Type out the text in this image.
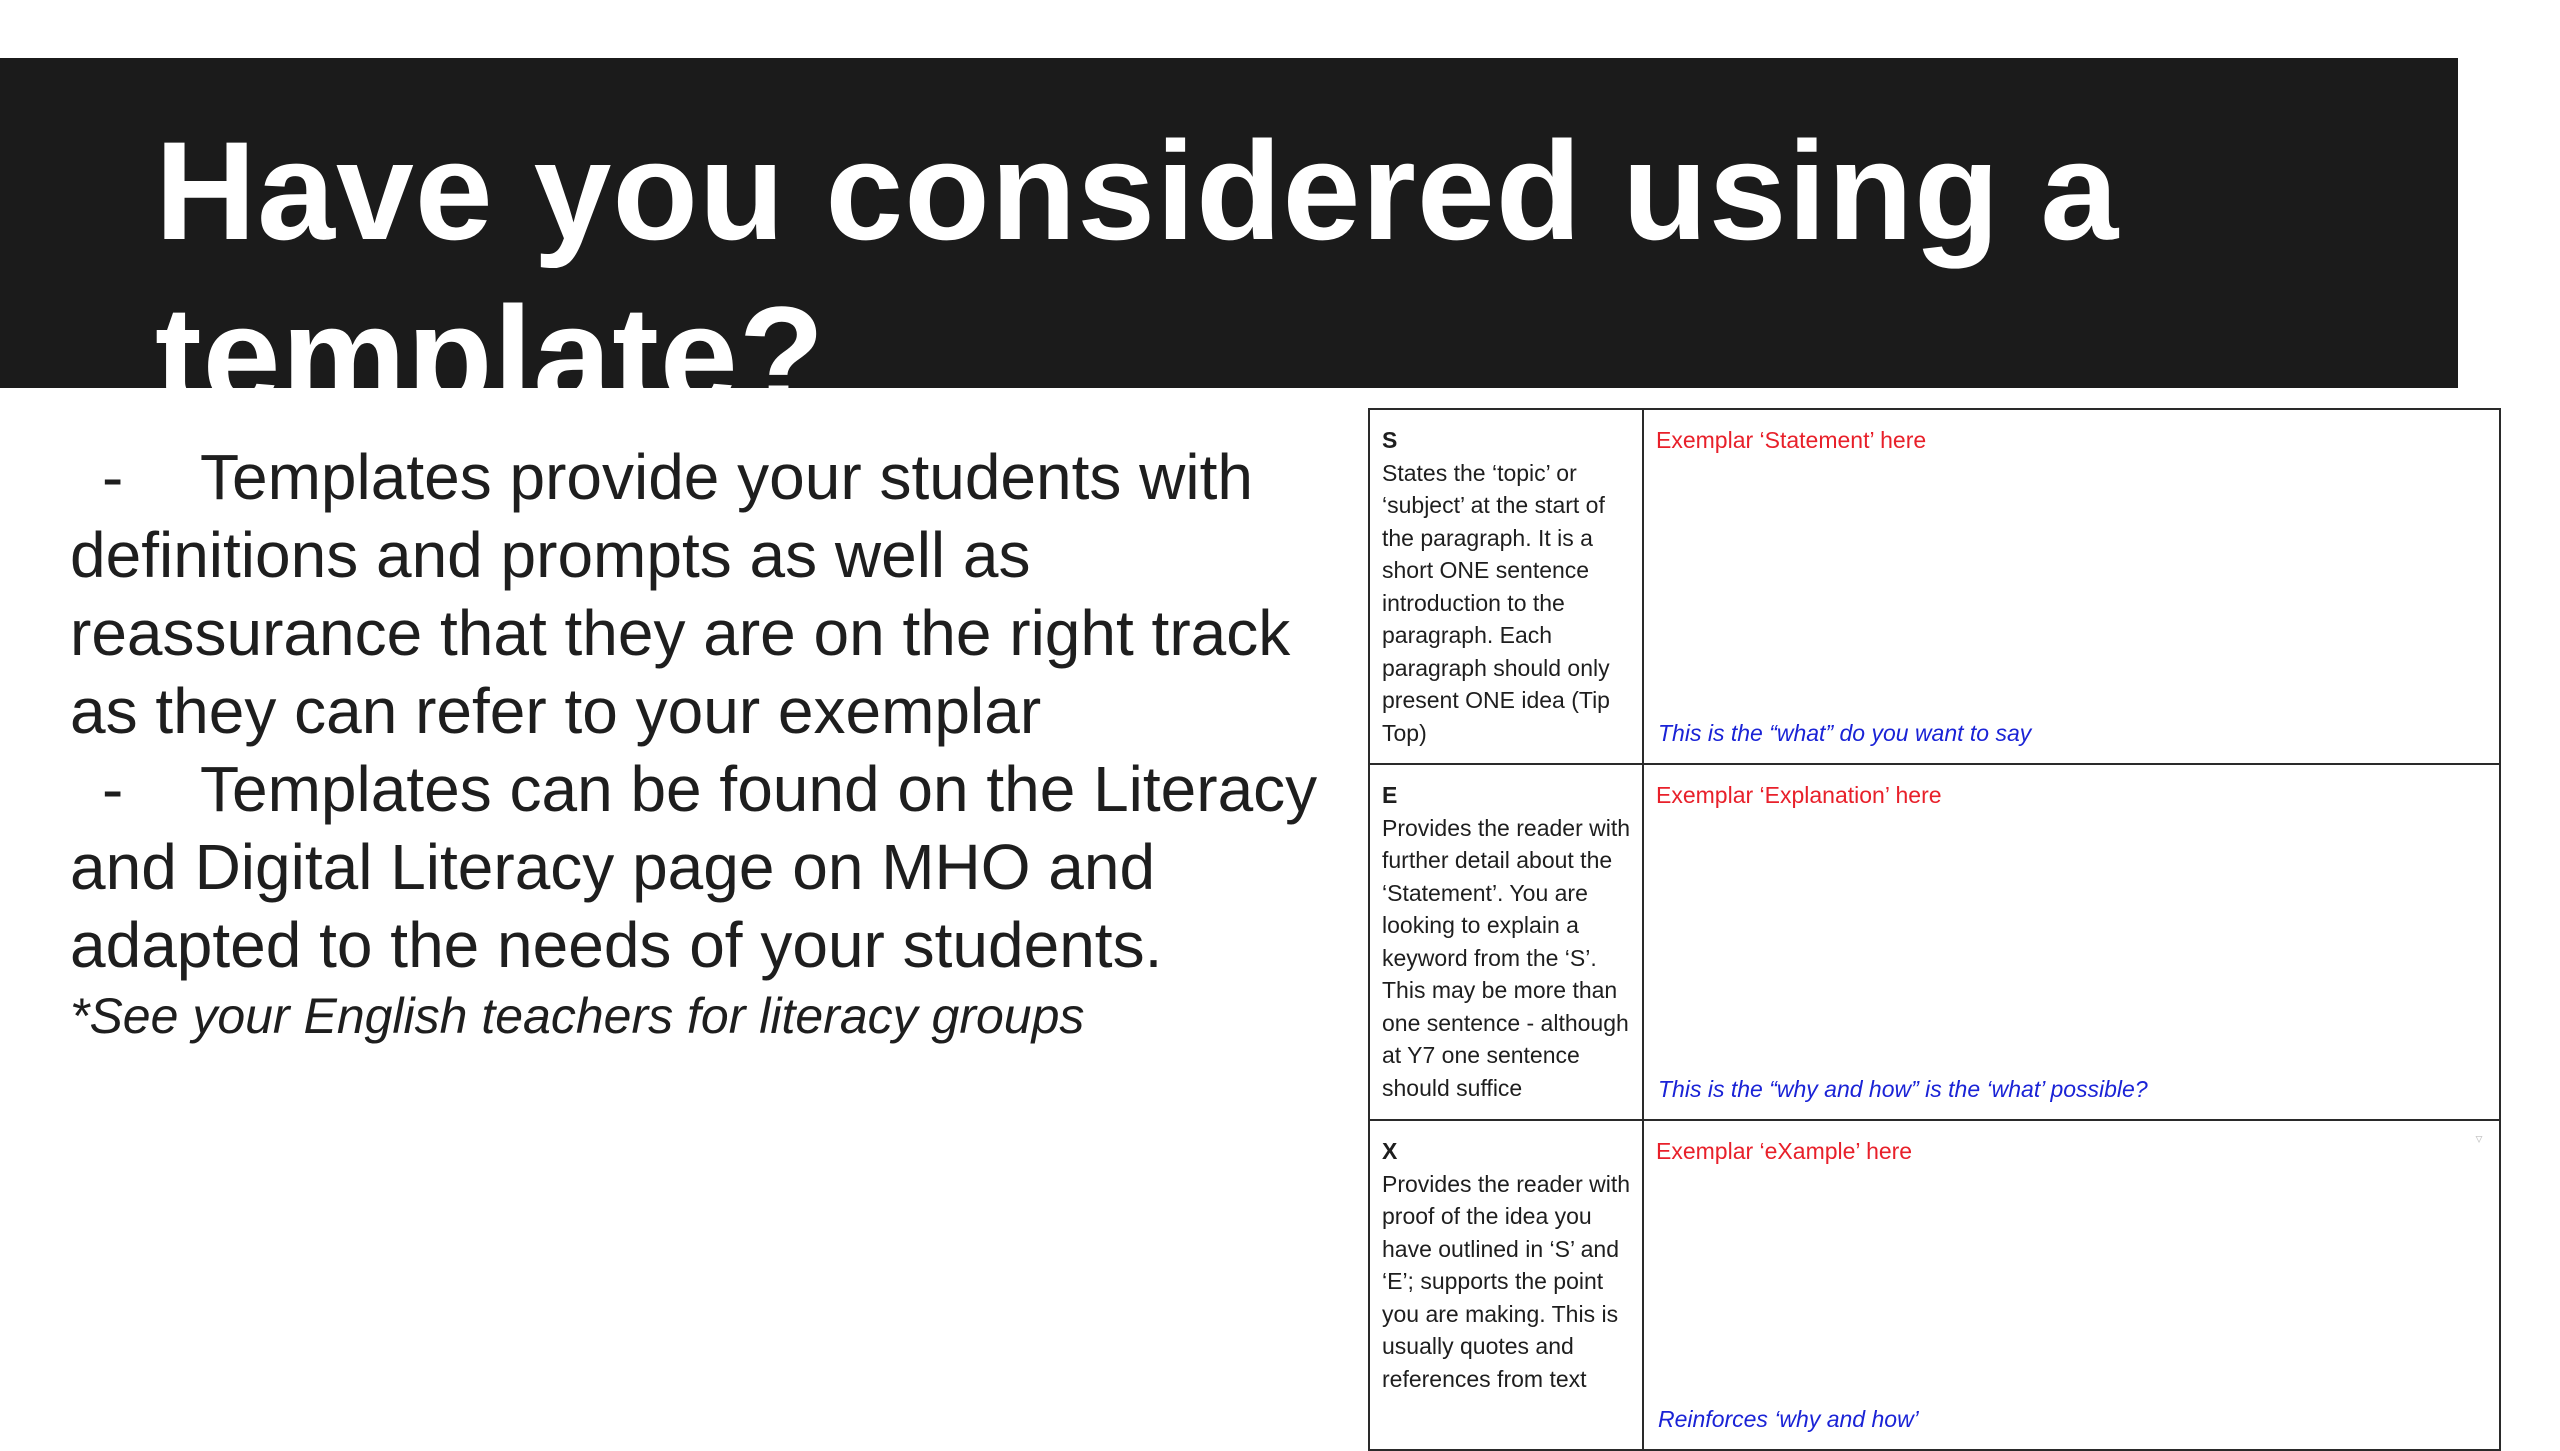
Have you considered using a template?

- Templates provide your students with definitions and prompts as well as reassurance that they are on the right track as they can refer to your exemplar

- Templates can be found on the Literacy and Digital Literacy page on MHO and adapted to the needs of your students.

*See your English teachers for literacy groups

S
States the ‘topic’ or ‘subject’ at the start of the paragraph. It is a short ONE sentence introduction to the paragraph. Each paragraph should only present ONE idea (Tip Top)	Exemplar ‘Statement’ here
This is the “what” do you want to say

E
Provides the reader with further detail about the ‘Statement’. You are looking to explain a keyword from the ‘S’. This may be more than one sentence - although at Y7 one sentence should suffice	Exemplar ‘Explanation’ here
This is the “why and how” is the ‘what’ possible?

X
Provides the reader with proof of the idea you have outlined in ‘S’ and ‘E’; supports the point you are making. This is usually quotes and references from text	Exemplar ‘eXample’ here ▿
Reinforces ‘why and how’
